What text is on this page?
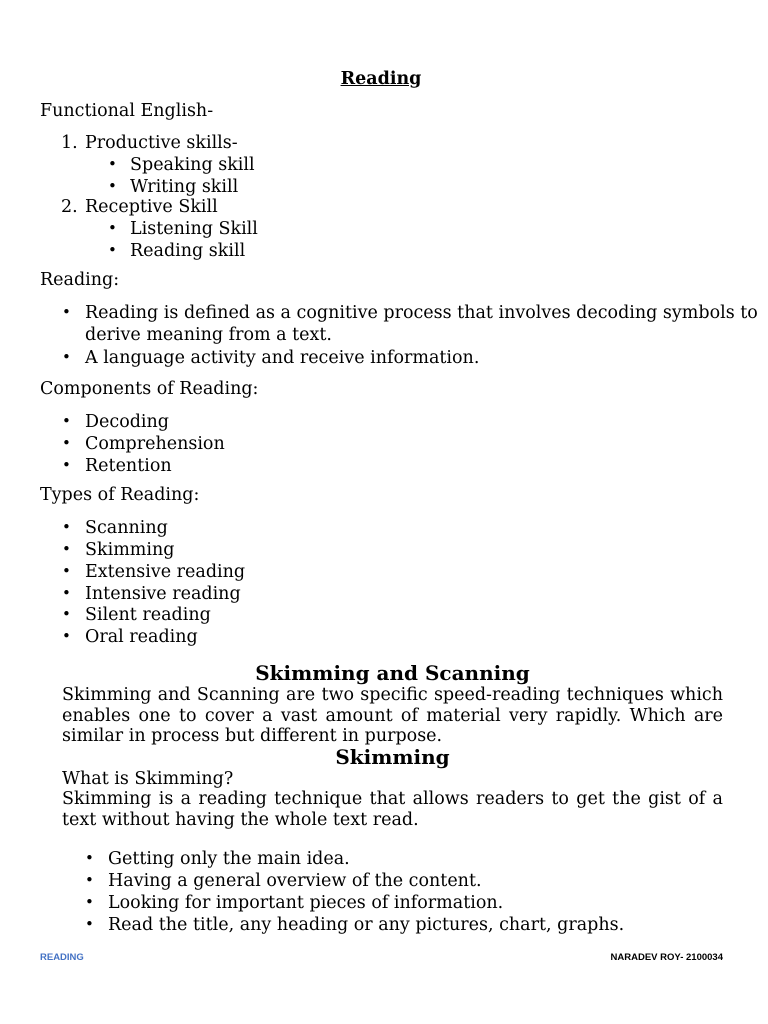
Reading
Functional English-
1. Productive skills-
• Speaking skill
• Writing skill
2. Receptive Skill
• Listening Skill
• Reading skill
Reading:
• Reading is defined as a cognitive process that involves decoding symbols to
derive meaning from a text.
• A language activity and receive information.
Components of Reading:
• Decoding
• Comprehension
• Retention
Types of Reading:
• Scanning
• Skimming
• Extensive reading
• Intensive reading
• Silent reading
• Oral reading
Skimming and Scanning
Skimming and Scanning are two specific speed-reading techniques which enables one to cover a vast amount of material very rapidly. Which are similar in process but different in purpose.
Skimming
What is Skimming?
Skimming is a reading technique that allows readers to get the gist of a text without having the whole text read.
• Getting only the main idea.
• Having a general overview of the content.
• Looking for important pieces of information.
• Read the title, any heading or any pictures, chart, graphs.
READING	NARADEV ROY- 2100034
